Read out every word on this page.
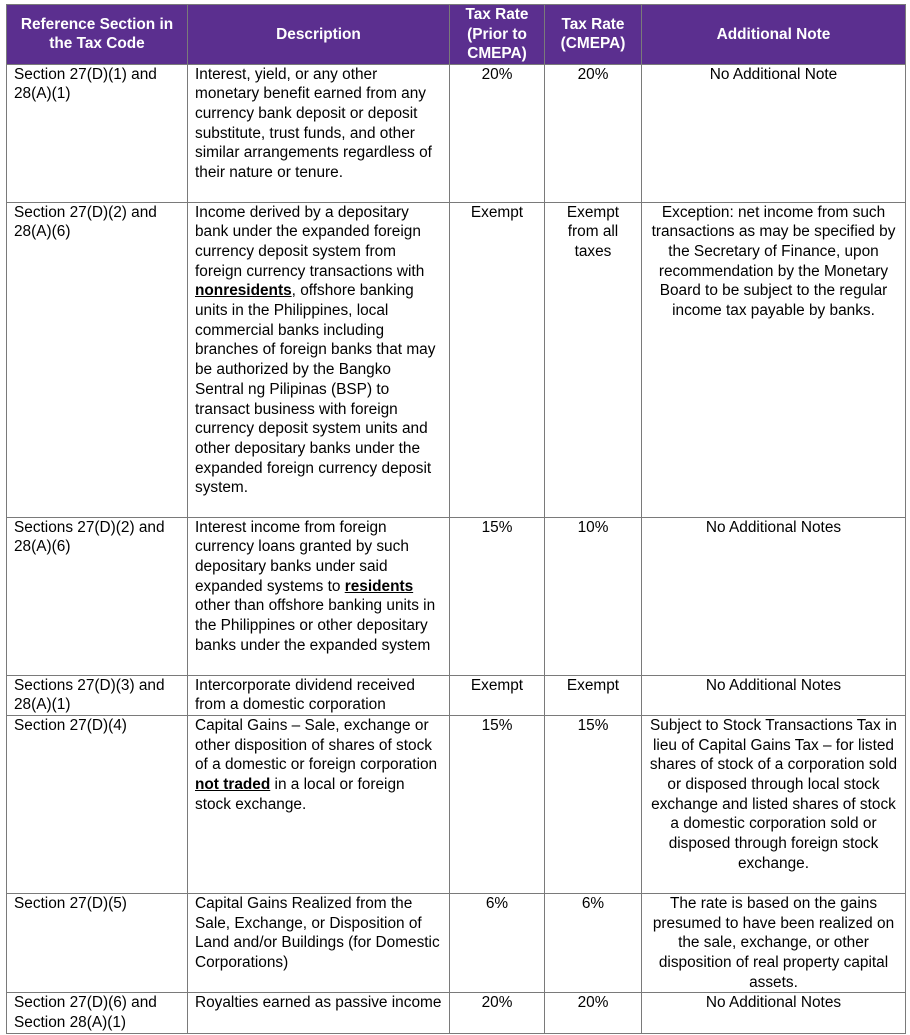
Reference Section in the Tax Code	Description	Tax Rate (Prior to CMEPA)	Tax Rate (CMEPA)	Additional Note
Section 27(D)(1) and 28(A)(1)	Interest, yield, or any other monetary benefit earned from any currency bank deposit or deposit substitute, trust funds, and other similar arrangements regardless of their nature or tenure.	20%	20%	No Additional Note
Section 27(D)(2) and 28(A)(6)	Income derived by a depositary bank under the expanded foreign currency deposit system from foreign currency transactions with nonresidents, offshore banking units in the Philippines, local commercial banks including branches of foreign banks that may be authorized by the Bangko Sentral ng Pilipinas (BSP) to transact business with foreign currency deposit system units and other depositary banks under the expanded foreign currency deposit system.	Exempt	Exempt from all taxes	Exception: net income from such transactions as may be specified by the Secretary of Finance, upon recommendation by the Monetary Board to be subject to the regular income tax payable by banks.
Sections 27(D)(2) and 28(A)(6)	Interest income from foreign currency loans granted by such depositary banks under said expanded systems to residents other than offshore banking units in the Philippines or other depositary banks under the expanded system	15%	10%	No Additional Notes
Sections 27(D)(3) and 28(A)(1)	Intercorporate dividend received from a domestic corporation	Exempt	Exempt	No Additional Notes
Section 27(D)(4)	Capital Gains – Sale, exchange or other disposition of shares of stock of a domestic or foreign corporation not traded in a local or foreign stock exchange.	15%	15%	Subject to Stock Transactions Tax in lieu of Capital Gains Tax – for listed shares of stock of a corporation sold or disposed through local stock exchange and listed shares of stock a domestic corporation sold or disposed through foreign stock exchange.
Section 27(D)(5)	Capital Gains Realized from the Sale, Exchange, or Disposition of Land and/or Buildings (for Domestic Corporations)	6%	6%	The rate is based on the gains presumed to have been realized on the sale, exchange, or other disposition of real property capital assets.
Section 27(D)(6) and Section 28(A)(1)	Royalties earned as passive income	20%	20%	No Additional Notes
